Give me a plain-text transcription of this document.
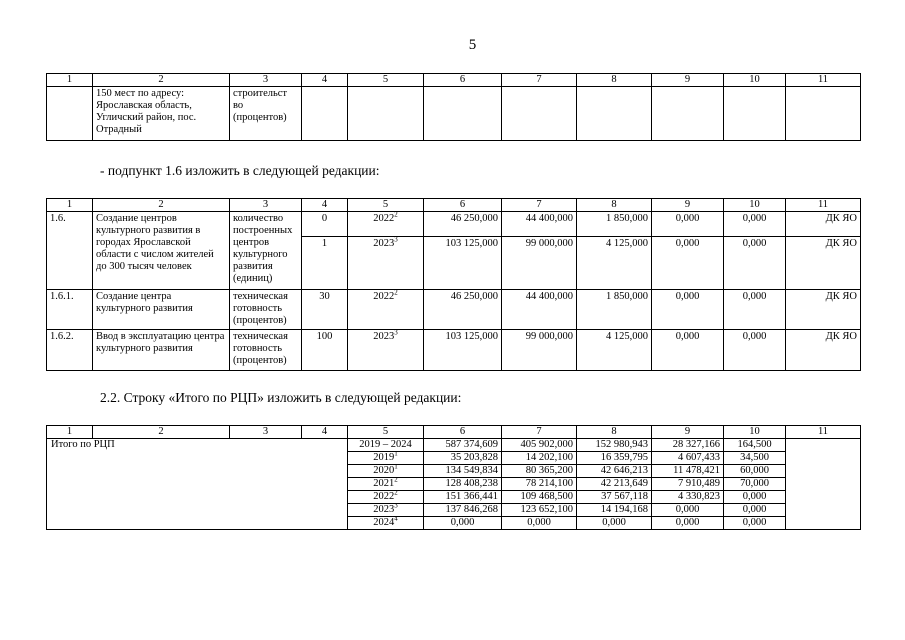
5
1	2	3	4	5	6	7	8	9	10	11
	150 мест по адресу: Ярославская область, Угличский район, пос. Отрадный	строительст во (процентов)								
- подпункт 1.6 изложить в следующей редакции:
1	2	3	4	5	6	7	8	9	10	11
1.6.	Создание центров культурного развития в городах Ярославской области с числом жителей до 300 тысяч человек	количество построенных центров культурного развития (единиц)	0	2022$^2$	46 250,000	44 400,000	1 850,000	0,000	0,000	ДК ЯО
			1	2023$^3$	103 125,000	99 000,000	4 125,000	0,000	0,000	ДК ЯО
1.6.1.	Создание центра культурного развития	техническая готовность (процентов)	30	2022$^2$	46 250,000	44 400,000	1 850,000	0,000	0,000	ДК ЯО
1.6.2.	Ввод в эксплуатацию центра культурного развития	техническая готовность (процентов)	100	2023$^3$	103 125,000	99 000,000	4 125,000	0,000	0,000	ДК ЯО
2.2. Строку «Итого по РЦП» изложить в следующей редакции:
1	2	3	4	5	6	7	8	9	10	11
Итого по РЦП				2019 – 2024	587 374,609	405 902,000	152 980,943	28 327,166	164,500	
				2019$^1$	35 203,828	14 202,100	16 359,795	4 607,433	34,500	
				2020$^1$	134 549,834	80 365,200	42 646,213	11 478,421	60,000	
				2021$^2$	128 408,238	78 214,100	42 213,649	7 910,489	70,000	
				2022$^2$	151 366,441	109 468,500	37 567,118	4 330,823	0,000	
				2023$^3$	137 846,268	123 652,100	14 194,168	0,000	0,000	
				2024$^4$	0,000	0,000	0,000	0,000	0,000	
